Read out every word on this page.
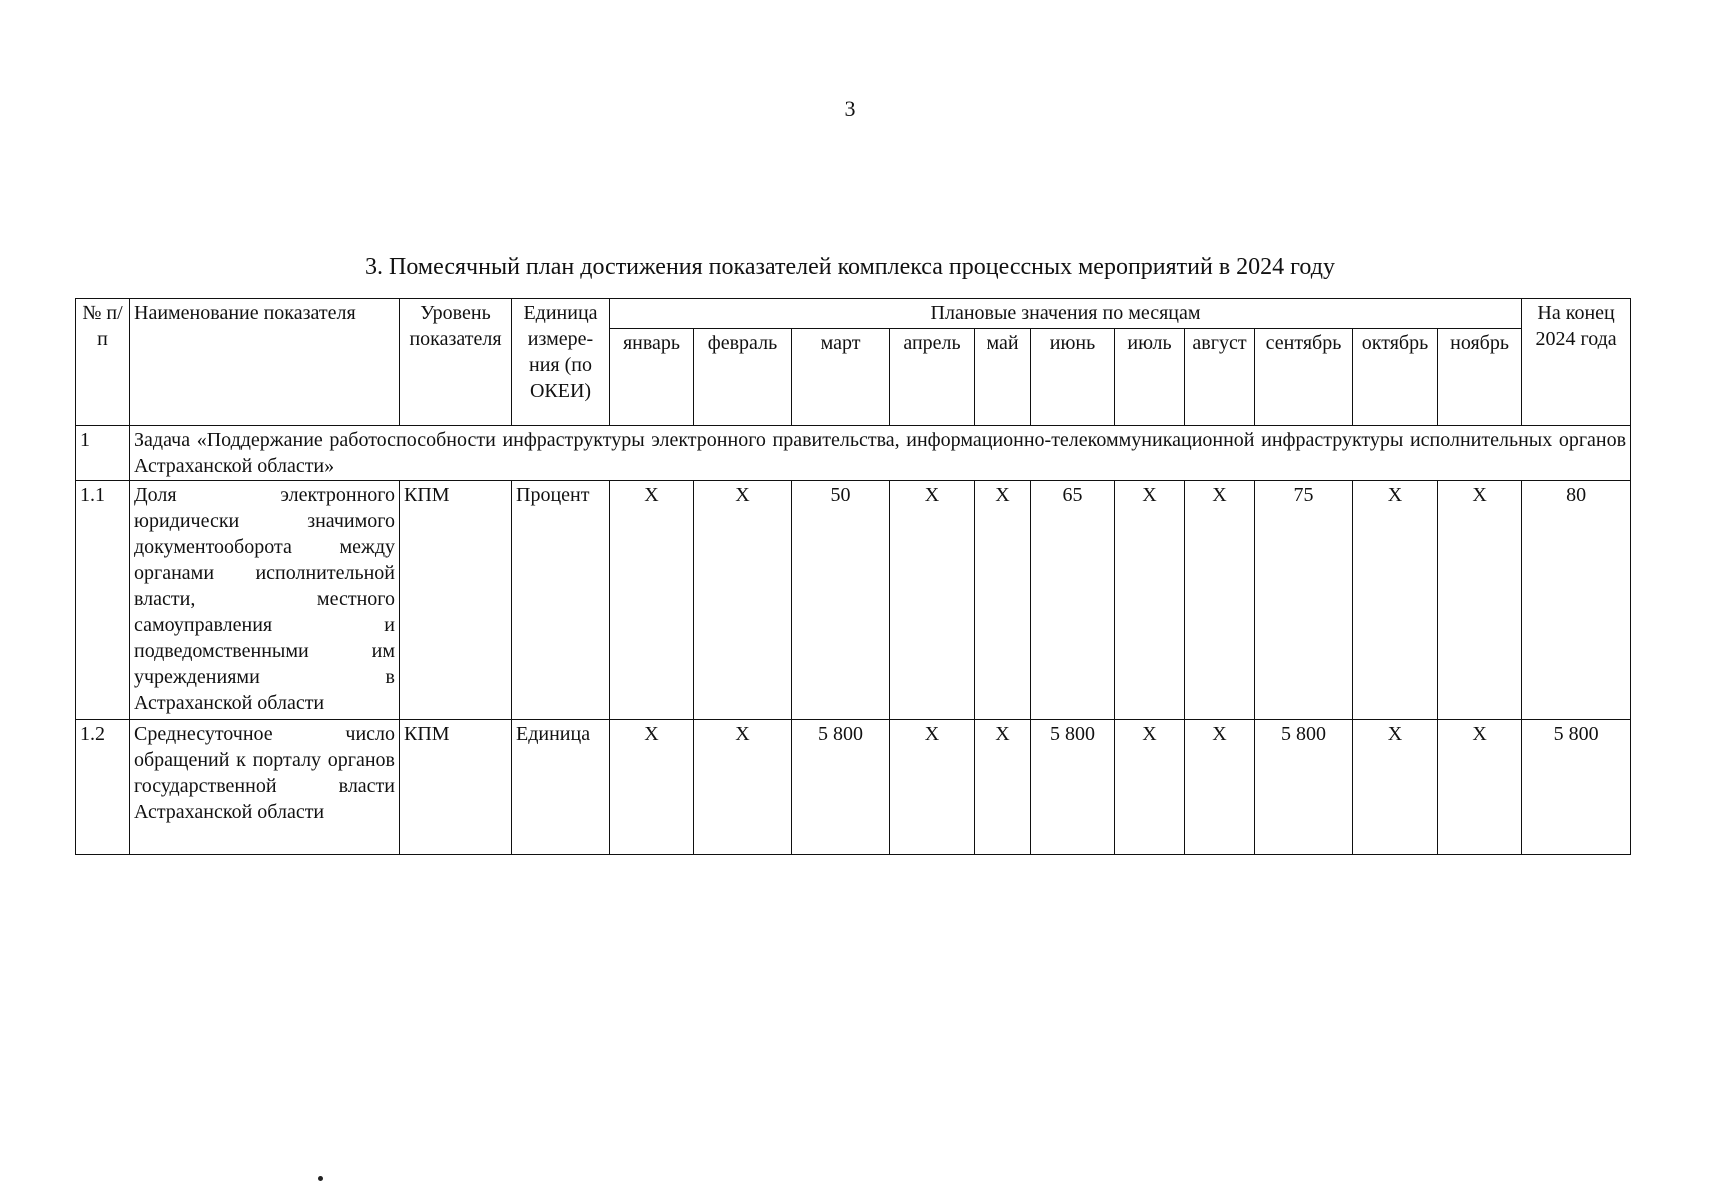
3
3. Помесячный план достижения показателей комплекса процессных мероприятий в 2024 году
№ п/п	Наименование показателя	Уровень показателя	Единица измере-ния (по ОКЕИ)	Плановые значения по месяцам											На конец 2024 года
				январь	февраль	март	апрель	май	июнь	июль	август	сентябрь	октябрь	ноябрь	
1	Задача «Поддержание работоспособности инфраструктуры электронного правительства, информационно-телекоммуникационной инфраструктуры исполнительных органов Астраханской области»														
1.1	Доля электронного юридически значимого документооборота между органами исполнительной власти, местного самоуправления и подведомственными им учреждениями в Астраханской области	КПМ	Процент	X	X	50	X	X	65	X	X	75	X	X	80
1.2	Среднесуточное число обращений к порталу органов государственной власти Астраханской области	КПМ	Единица	X	X	5 800	X	X	5 800	X	X	5 800	X	X	5 800
